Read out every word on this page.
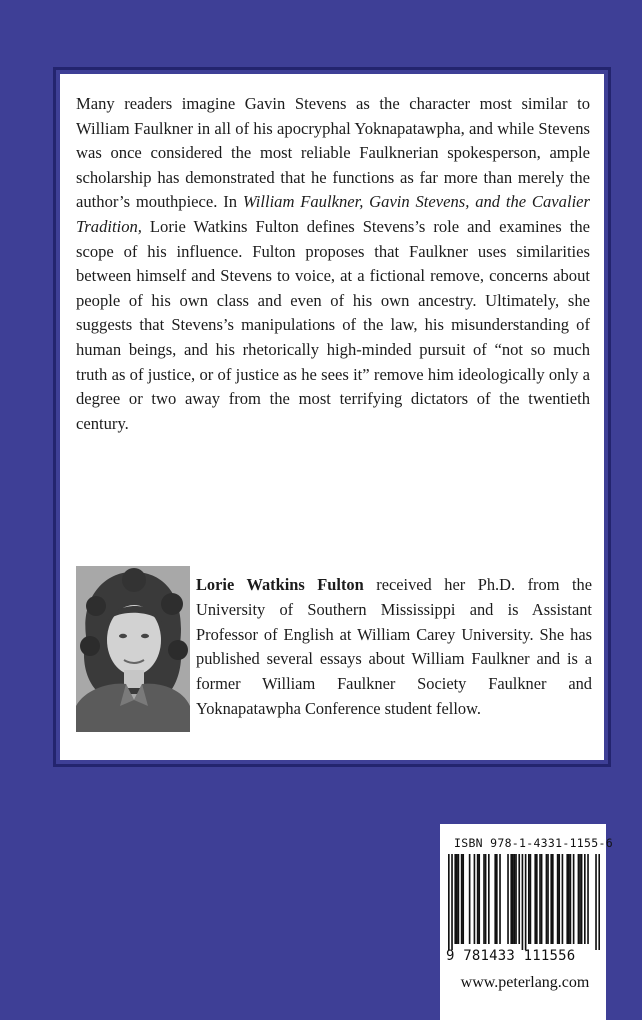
Many readers imagine Gavin Stevens as the character most similar to William Faulkner in all of his apocryphal Yoknapatawpha, and while Stevens was once considered the most reliable Faulknerian spokesperson, ample scholarship has demonstrated that he functions as far more than merely the author’s mouthpiece. In William Faulkner, Gavin Stevens, and the Cavalier Tradition, Lorie Watkins Fulton defines Stevens’s role and examines the scope of his influence. Fulton proposes that Faulkner uses similarities between himself and Stevens to voice, at a fictional remove, concerns about people of his own class and even of his own ancestry. Ultimately, she suggests that Stevens’s manipulations of the law, his misunderstanding of human beings, and his rhetorically high-minded pursuit of “not so much truth as of justice, or of justice as he sees it” remove him ideologically only a degree or two away from the most terrifying dictators of the twentieth century.

Lorie Watkins Fulton received her Ph.D. from the University of Southern Mississippi and is Assistant Professor of English at William Carey University. She has published several essays about William Faulkner and is a former William Faulkner Society Faulkner and Yoknapatawpha Conference student fellow.

ISBN 978-1-4331-1155-6
9 781433 111556
www.peterlang.com
